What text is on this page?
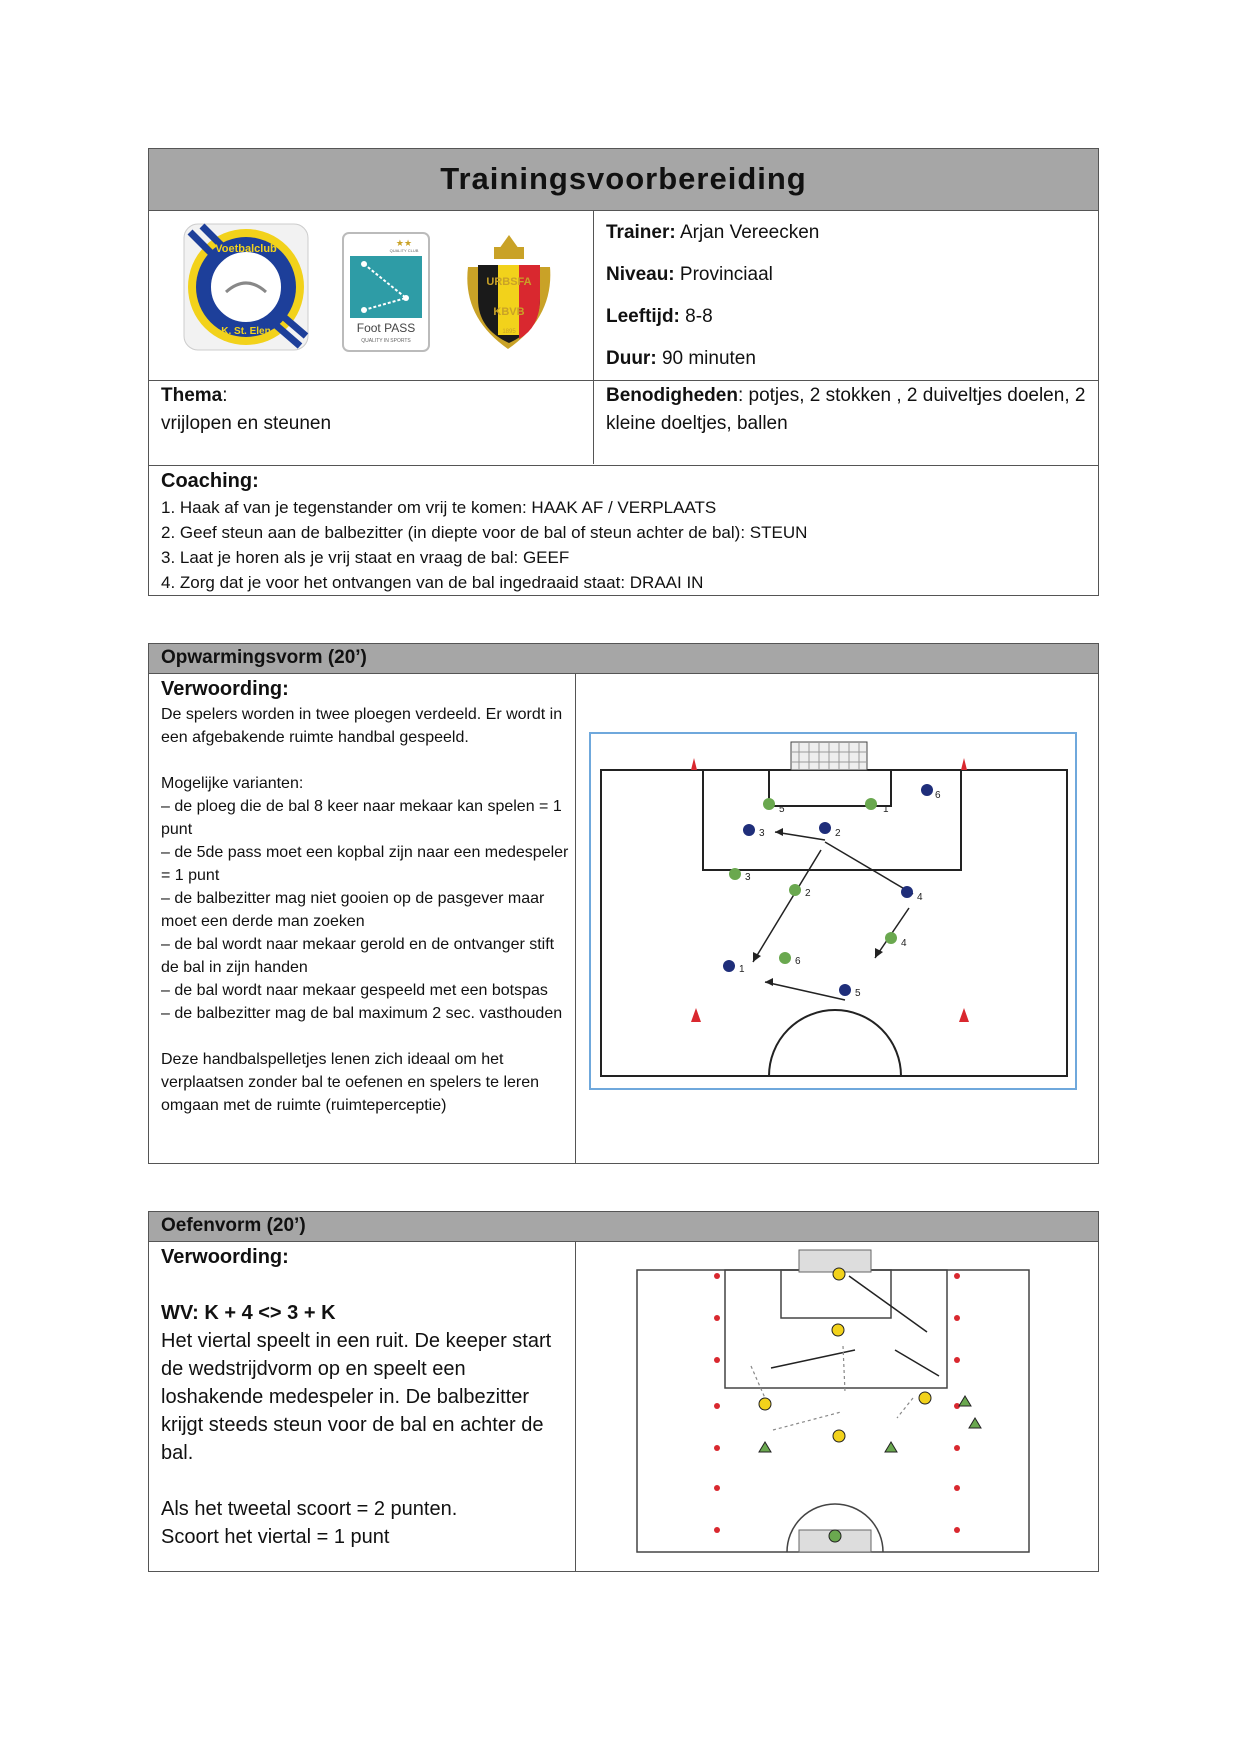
Trainingsvoorbereiding
Voetbalclub
K. St. Elen
★★
QUALITY CLUB
Foot PASS
QUALITY IN SPORTS
URBSFA
KBVB
1895
Trainer: Arjan Vereecken
Niveau: Provinciaal
Leeftijd: 8-8
Duur: 90 minuten
Thema:
vrijlopen en steunen
Benodigheden: potjes, 2 stokken , 2 duiveltjes doelen, 2 kleine doeltjes, ballen
Coaching:
1. Haak af van je tegenstander om vrij te komen: HAAK AF / VERPLAATS
2. Geef steun aan de balbezitter (in diepte voor de bal of steun achter de bal): STEUN
3. Laat je horen als je vrij staat en vraag de bal: GEEF
4. Zorg dat je voor het ontvangen van de bal ingedraaid staat: DRAAI IN
Opwarmingsvorm (20’)
Verwoording:
De spelers worden in twee ploegen verdeeld. Er wordt in een afgebakende ruimte handbal gespeeld.
Mogelijke varianten:
– de ploeg die de bal 8 keer naar mekaar kan spelen = 1 punt
– de 5de pass moet een kopbal zijn naar een medespeler = 1 punt
– de balbezitter mag niet gooien op de pasgever maar moet een derde man zoeken
– de bal wordt naar mekaar gerold en de ontvanger stift de bal in zijn handen
– de bal wordt naar mekaar gespeeld met een botspas
– de balbezitter mag de bal maximum 2 sec. vasthouden
Deze handbalspelletjes lenen zich ideaal om het verplaatsen zonder bal te oefenen en spelers te leren omgaan met de ruimte (ruimteperceptie)
5	1
6
3	2
3
2	4
4
1
6
5
Oefenvorm (20’)
Verwoording:
WV: K + 4 <> 3 + K
Het viertal speelt in een ruit. De keeper start de wedstrijdvorm op en speelt een loshakende medespeler in. De balbezitter krijgt steeds steun voor de bal en achter de bal.
Als het tweetal scoort = 2 punten.
Scoort het viertal = 1 punt
